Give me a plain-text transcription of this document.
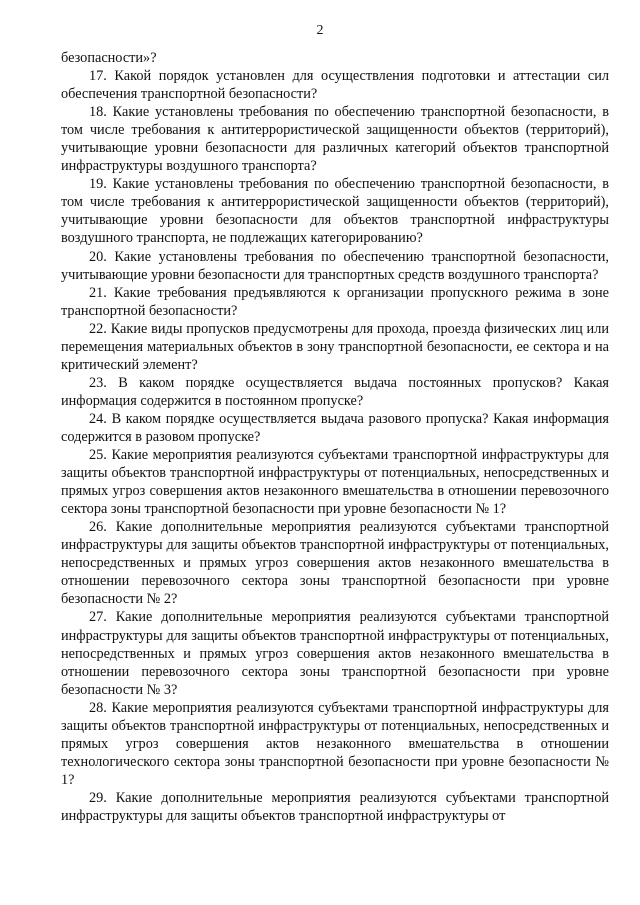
2

безопасности»?

17. Какой порядок установлен для осуществления подготовки и аттестации сил обеспечения транспортной безопасности?

18. Какие установлены требования по обеспечению транспортной безопасности, в том числе требования к антитеррористической защищенности объектов (территорий), учитывающие уровни безопасности для различных категорий объектов транспортной инфраструктуры воздушного транспорта?

19. Какие установлены требования по обеспечению транспортной безопасности, в том числе требования к антитеррористической защищенности объектов (территорий), учитывающие уровни безопасности для объектов транспортной инфраструктуры воздушного транспорта, не подлежащих категорированию?

20. Какие установлены требования по обеспечению транспортной безопасности, учитывающие уровни безопасности для транспортных средств воздушного транспорта?

21. Какие требования предъявляются к организации пропускного режима в зоне транспортной безопасности?

22. Какие виды пропусков предусмотрены для прохода, проезда физических лиц или перемещения материальных объектов в зону транспортной безопасности, ее сектора и на критический элемент?

23. В каком порядке осуществляется выдача постоянных пропусков? Какая информация содержится в постоянном пропуске?

24. В каком порядке осуществляется выдача разового пропуска? Какая информация содержится в разовом пропуске?

25. Какие мероприятия реализуются субъектами транспортной инфраструктуры для защиты объектов транспортной инфраструктуры от потенциальных, непосредственных и прямых угроз совершения актов незаконного вмешательства в отношении перевозочного сектора зоны транспортной безопасности при уровне безопасности № 1?

26. Какие дополнительные мероприятия реализуются субъектами транспортной инфраструктуры для защиты объектов транспортной инфраструктуры от потенциальных, непосредственных и прямых угроз совершения актов незаконного вмешательства в отношении перевозочного сектора зоны транспортной безопасности при уровне безопасности № 2?

27. Какие дополнительные мероприятия реализуются субъектами транспортной инфраструктуры для защиты объектов транспортной инфраструктуры от потенциальных, непосредственных и прямых угроз совершения актов незаконного вмешательства в отношении перевозочного сектора зоны транспортной безопасности при уровне безопасности № 3?

28. Какие мероприятия реализуются субъектами транспортной инфраструктуры для защиты объектов транспортной инфраструктуры от потенциальных, непосредственных и прямых угроз совершения актов незаконного вмешательства в отношении технологического сектора зоны транспортной безопасности при уровне безопасности № 1?

29. Какие дополнительные мероприятия реализуются субъектами транспортной инфраструктуры для защиты объектов транспортной инфраструктуры от
